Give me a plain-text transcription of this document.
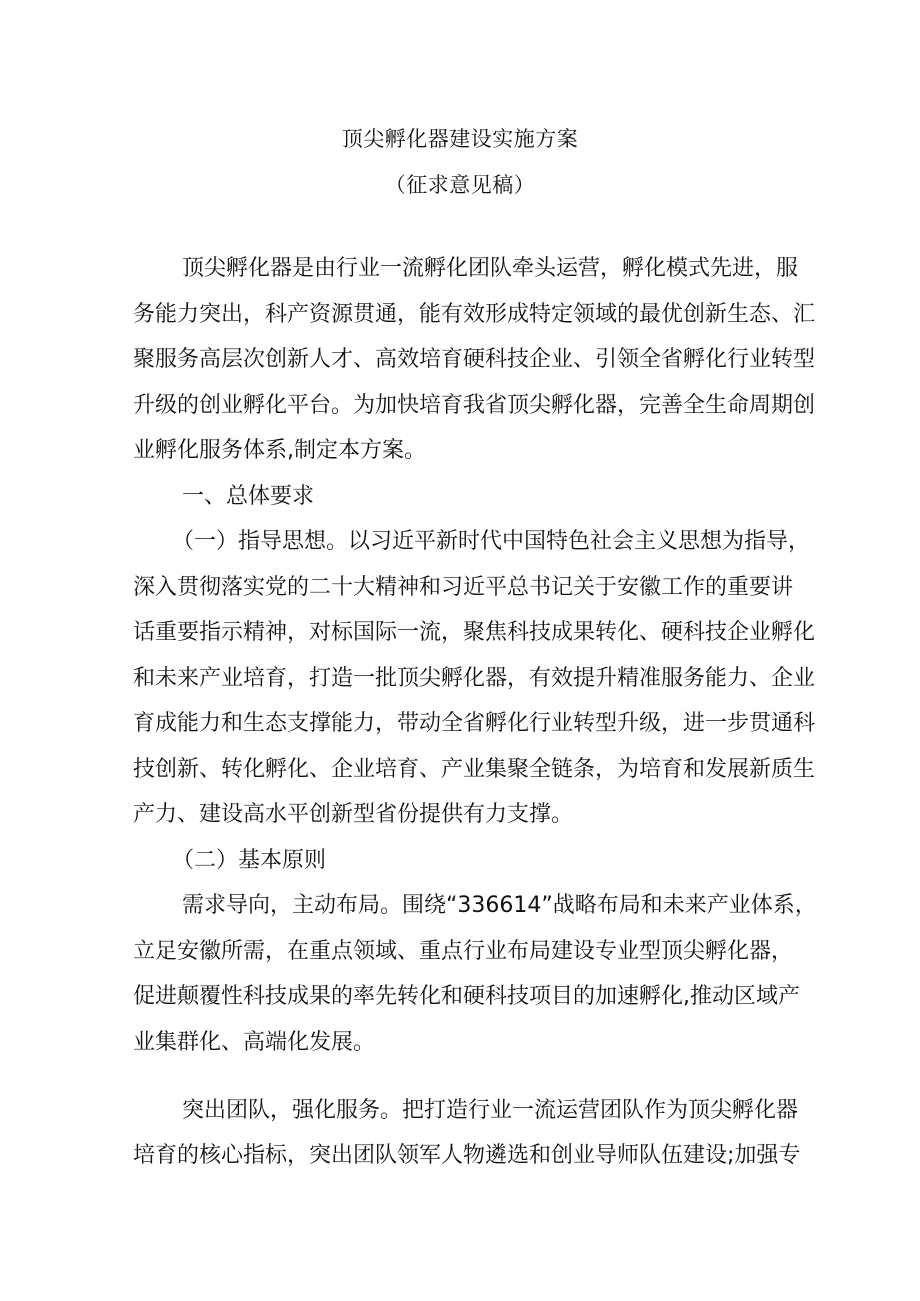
顶尖孵化器建设实施方案
（征求意见稿）
顶尖孵化器是由行业一流孵化团队牵头运营，孵化模式先进，服
务能力突出，科产资源贯通，能有效形成特定领域的最优创新生态、汇
聚服务高层次创新人才、高效培育硬科技企业、引领全省孵化行业转型
升级的创业孵化平台。为加快培育我省顶尖孵化器，完善全生命周期创
业孵化服务体系,制定本方案。
一、总体要求
（一）指导思想。以习近平新时代中国特色社会主义思想为指导，
深入贯彻落实党的二十大精神和习近平总书记关于安徽工作的重要讲
话重要指示精神，对标国际一流，聚焦科技成果转化、硬科技企业孵化
和未来产业培育，打造一批顶尖孵化器，有效提升精准服务能力、企业
育成能力和生态支撑能力，带动全省孵化行业转型升级，进一步贯通科
技创新、转化孵化、企业培育、产业集聚全链条，为培育和发展新质生
产力、建设高水平创新型省份提供有力支撑。
（二）基本原则
需求导向，主动布局。围绕“336614”战略布局和未来产业体系，
立足安徽所需，在重点领域、重点行业布局建设专业型顶尖孵化器，
促进颠覆性科技成果的率先转化和硬科技项目的加速孵化,推动区域产
业集群化、高端化发展。
突出团队，强化服务。把打造行业一流运营团队作为顶尖孵化器
培育的核心指标，突出团队领军人物遴选和创业导师队伍建设;加强专
